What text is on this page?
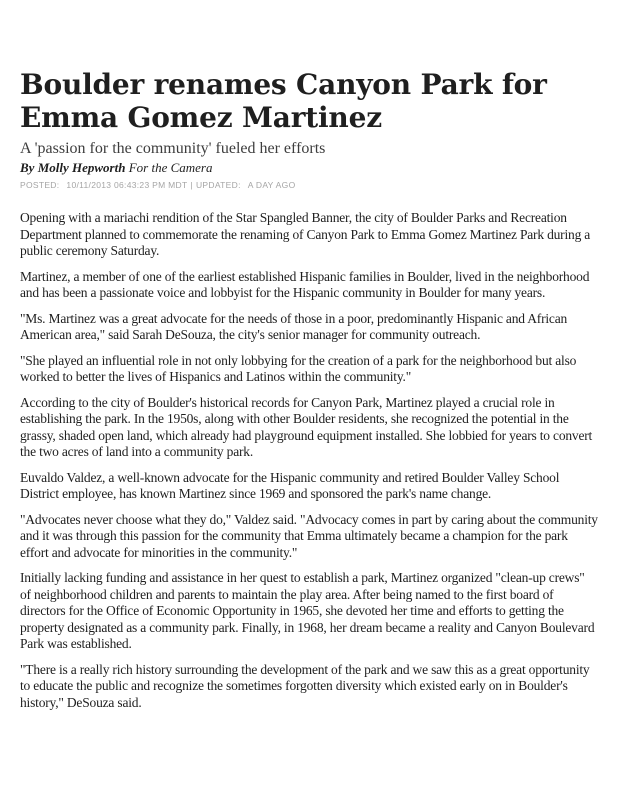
Boulder renames Canyon Park for Emma Gomez Martinez
A 'passion for the community' fueled her efforts

By Molly Hepworth For the Camera

POSTED: 10/11/2013 06:43:23 PM MDT | UPDATED: A DAY AGO

Opening with a mariachi rendition of the Star Spangled Banner, the city of Boulder Parks and Recreation Department planned to commemorate the renaming of Canyon Park to Emma Gomez Martinez Park during a public ceremony Saturday.

Martinez, a member of one of the earliest established Hispanic families in Boulder, lived in the neighborhood and has been a passionate voice and lobbyist for the Hispanic community in Boulder for many years.

"Ms. Martinez was a great advocate for the needs of those in a poor, predominantly Hispanic and African American area," said Sarah DeSouza, the city's senior manager for community outreach.

"She played an influential role in not only lobbying for the creation of a park for the neighborhood but also worked to better the lives of Hispanics and Latinos within the community."

According to the city of Boulder's historical records for Canyon Park, Martinez played a crucial role in establishing the park. In the 1950s, along with other Boulder residents, she recognized the potential in the grassy, shaded open land, which already had playground equipment installed. She lobbied for years to convert the two acres of land into a community park.

Euvaldo Valdez, a well-known advocate for the Hispanic community and retired Boulder Valley School District employee, has known Martinez since 1969 and sponsored the park's name change.

"Advocates never choose what they do," Valdez said. "Advocacy comes in part by caring about the community and it was through this passion for the community that Emma ultimately became a champion for the park effort and advocate for minorities in the community."

Initially lacking funding and assistance in her quest to establish a park, Martinez organized "clean-up crews" of neighborhood children and parents to maintain the play area. After being named to the first board of directors for the Office of Economic Opportunity in 1965, she devoted her time and efforts to getting the property designated as a community park. Finally, in 1968, her dream became a reality and Canyon Boulevard Park was established.

"There is a really rich history surrounding the development of the park and we saw this as a great opportunity to educate the public and recognize the sometimes forgotten diversity which existed early on in Boulder's history," DeSouza said.
